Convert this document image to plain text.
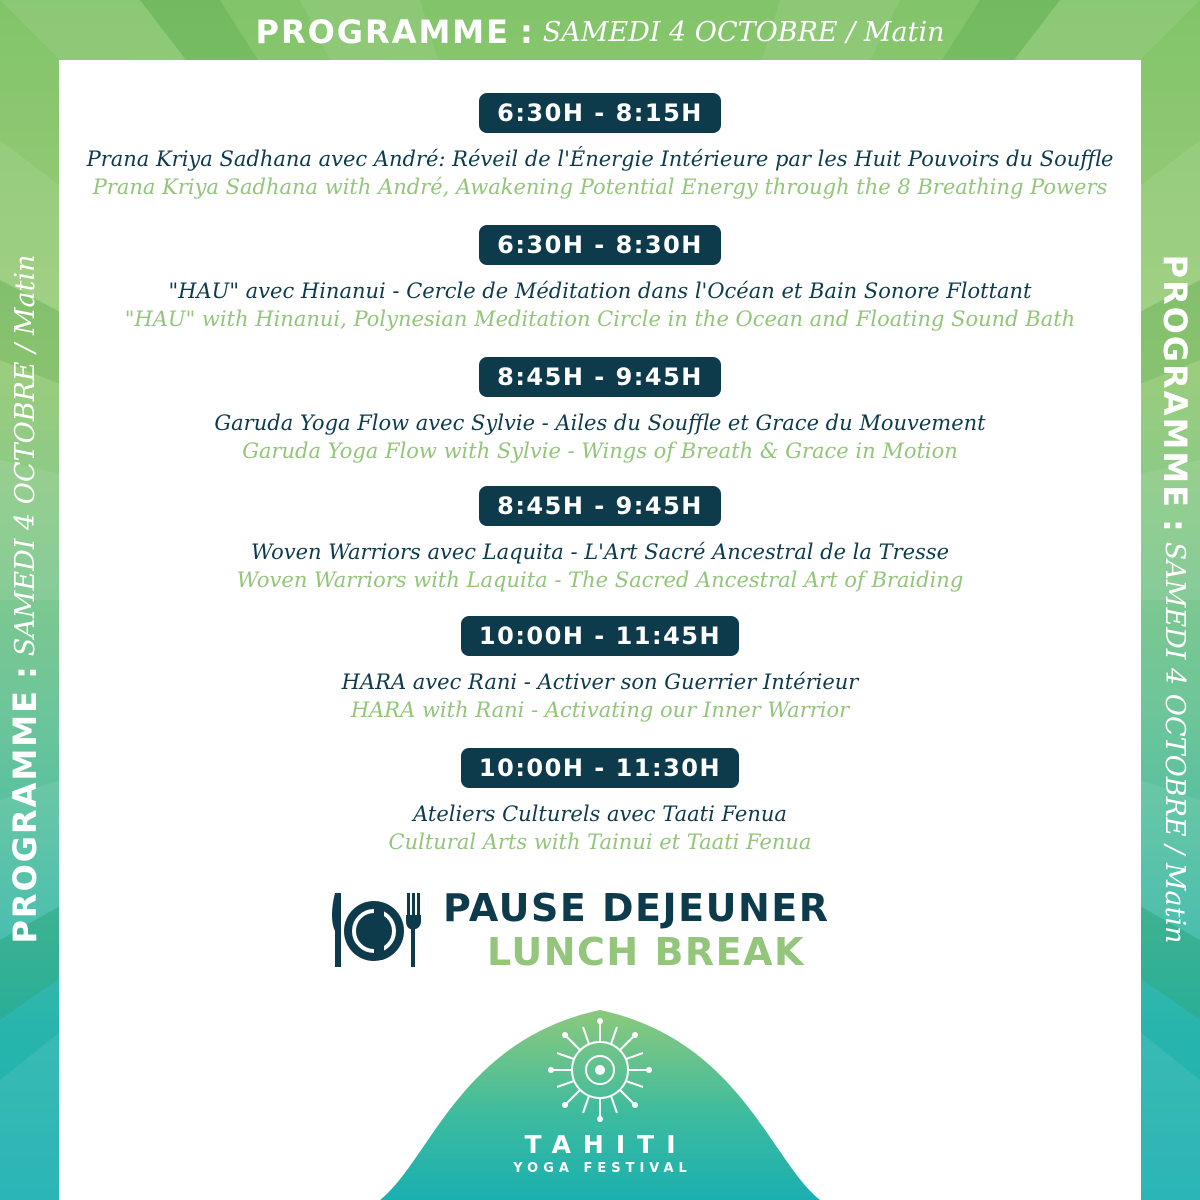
PROGRAMME : SAMEDI 4 OCTOBRE / Matin
PROGRAMME
:
SAMEDI 4 OCTOBRE / Matin	PROGRAMME
:
SAMEDI 4 OCTOBRE / Matin
6:30H - 8:15H
Prana Kriya Sadhana avec André: Réveil de l'Énergie Intérieure par les Huit Pouvoirs du Souffle
Prana Kriya Sadhana with André, Awakening Potential Energy through the 8 Breathing Powers
6:30H - 8:30H
"HAU" avec Hinanui - Cercle de Méditation dans l'Océan et Bain Sonore Flottant
"HAU" with Hinanui, Polynesian Meditation Circle in the Ocean and Floating Sound Bath
8:45H - 9:45H
Garuda Yoga Flow avec Sylvie - Ailes du Souffle et Grace du Mouvement
Garuda Yoga Flow with Sylvie - Wings of Breath & Grace in Motion
8:45H - 9:45H
Woven Warriors avec Laquita - L'Art Sacré Ancestral de la Tresse
Woven Warriors with Laquita - The Sacred Ancestral Art of Braiding
10:00H - 11:45H
HARA avec Rani - Activer son Guerrier Intérieur
HARA with Rani - Activating our Inner Warrior
10:00H - 11:30H
Ateliers Culturels avec Taati Fenua
Cultural Arts with Tainui et Taati Fenua
PAUSE DEJEUNER
LUNCH BREAK
TAHITI
YOGA FESTIVAL
